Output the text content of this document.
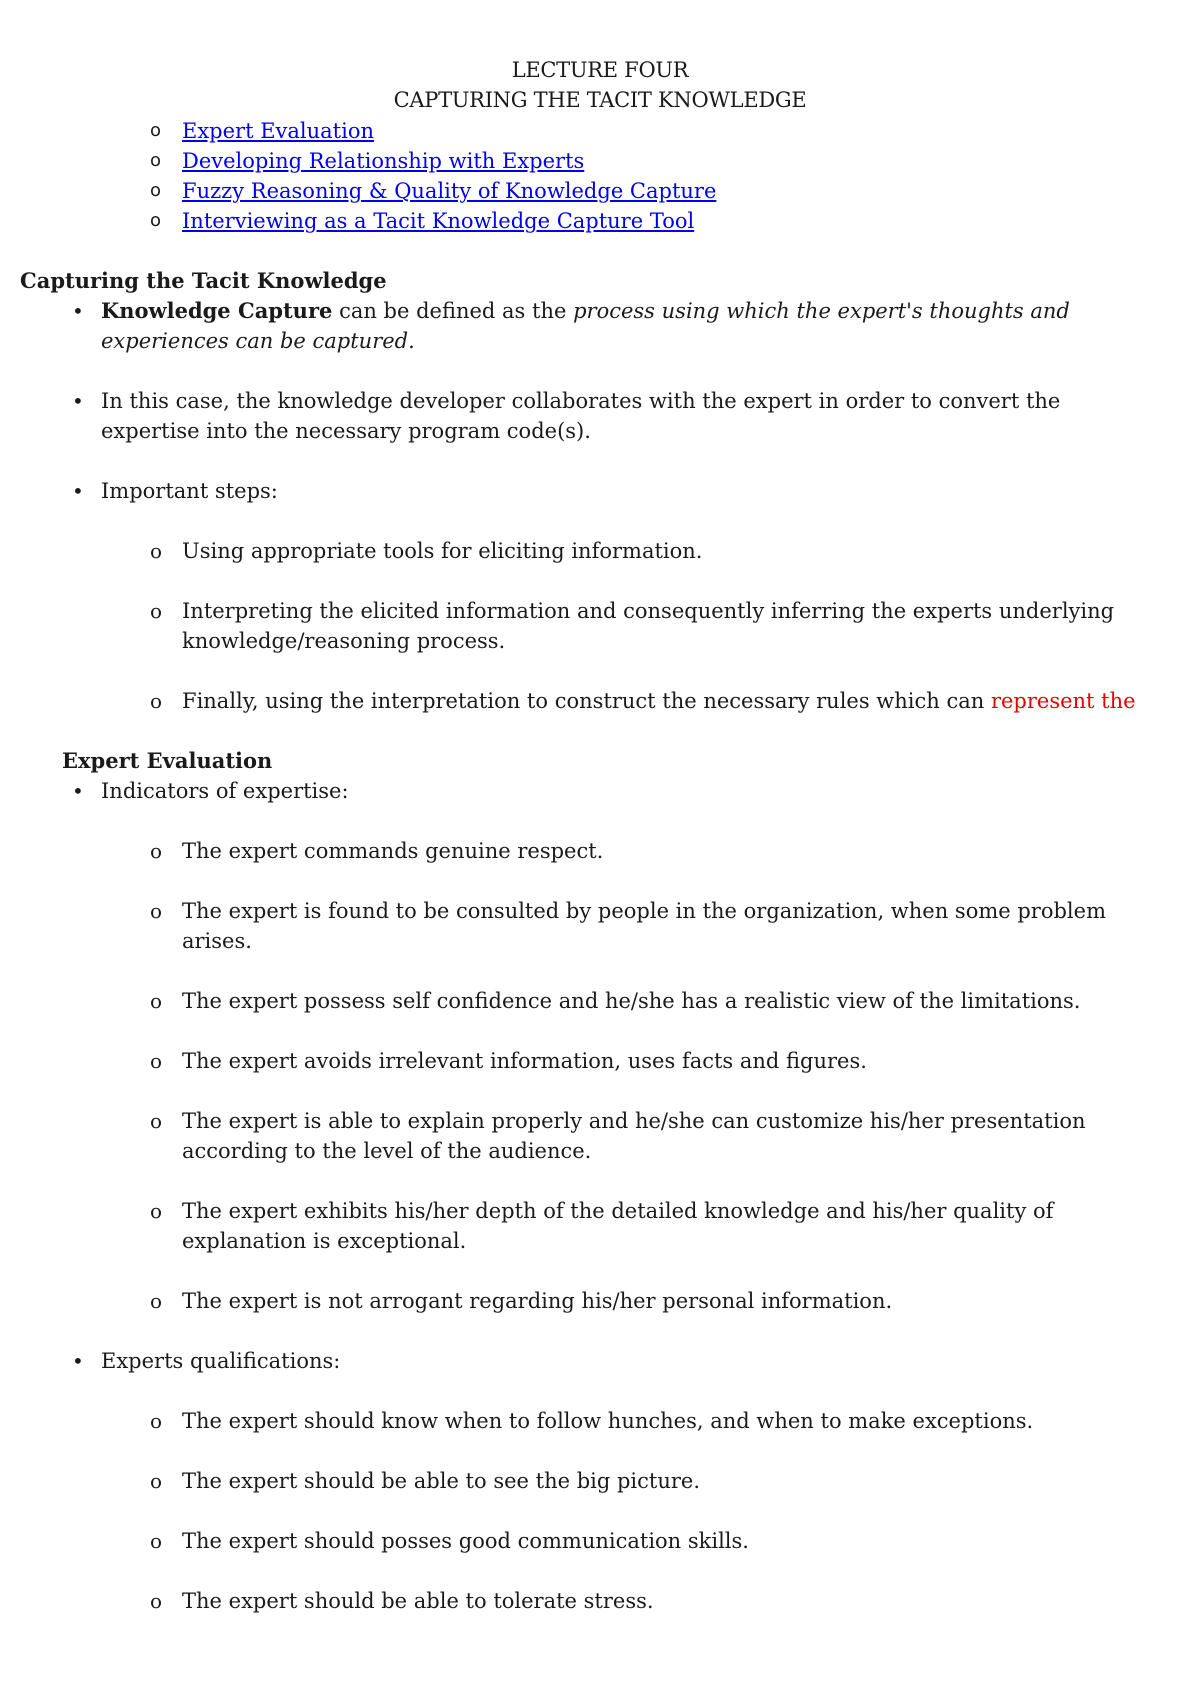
LECTURE FOUR
CAPTURING THE TACIT KNOWLEDGE
o Expert Evaluation
o Developing Relationship with Experts
o Fuzzy Reasoning & Quality of Knowledge Capture
o Interviewing as a Tacit Knowledge Capture Tool
Capturing the Tacit Knowledge
• Knowledge Capture can be defined as the process using which the expert's thoughts and
experiences can be captured.
• In this case, the knowledge developer collaborates with the expert in order to convert the
expertise into the necessary program code(s).
• Important steps:
o Using appropriate tools for eliciting information.
o Interpreting the elicited information and consequently inferring the experts underlying
knowledge/reasoning process.
o Finally, using the interpretation to construct the necessary rules which can represent the
Expert Evaluation
• Indicators of expertise:
o The expert commands genuine respect.
o The expert is found to be consulted by people in the organization, when some problem
arises.
o The expert possess self confidence and he/she has a realistic view of the limitations.
o The expert avoids irrelevant information, uses facts and figures.
o The expert is able to explain properly and he/she can customize his/her presentation
according to the level of the audience.
o The expert exhibits his/her depth of the detailed knowledge and his/her quality of
explanation is exceptional.
o The expert is not arrogant regarding his/her personal information.
• Experts qualifications:
o The expert should know when to follow hunches, and when to make exceptions.
o The expert should be able to see the big picture.
o The expert should posses good communication skills.
o The expert should be able to tolerate stress.
